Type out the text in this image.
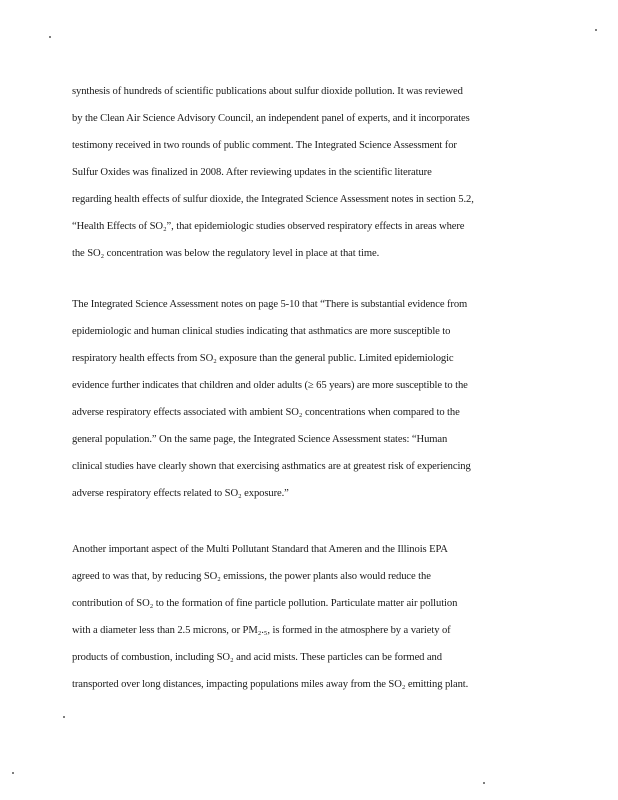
synthesis of hundreds of scientific publications about sulfur dioxide pollution. It was reviewed
by the Clean Air Science Advisory Council, an independent panel of experts, and it incorporates
testimony received in two rounds of public comment. The Integrated Science Assessment for
Sulfur Oxides was finalized in 2008. After reviewing updates in the scientific literature
regarding health effects of sulfur dioxide, the Integrated Science Assessment notes in section 5.2,
“Health Effects of SO₂”, that epidemiologic studies observed respiratory effects in areas where
the SO₂ concentration was below the regulatory level in place at that time.
The Integrated Science Assessment notes on page 5-10 that “There is substantial evidence from
epidemiologic and human clinical studies indicating that asthmatics are more susceptible to
respiratory health effects from SO₂ exposure than the general public. Limited epidemiologic
evidence further indicates that children and older adults (≥ 65 years) are more susceptible to the
adverse respiratory effects associated with ambient SO₂ concentrations when compared to the
general population.” On the same page, the Integrated Science Assessment states: “Human
clinical studies have clearly shown that exercising asthmatics are at greatest risk of experiencing
adverse respiratory effects related to SO₂ exposure.”
Another important aspect of the Multi Pollutant Standard that Ameren and the Illinois EPA
agreed to was that, by reducing SO₂ emissions, the power plants also would reduce the
contribution of SO₂ to the formation of fine particle pollution. Particulate matter air pollution
with a diameter less than 2.5 microns, or PM₂.₅, is formed in the atmosphere by a variety of
products of combustion, including SO₂ and acid mists. These particles can be formed and
transported over long distances, impacting populations miles away from the SO₂ emitting plant.
